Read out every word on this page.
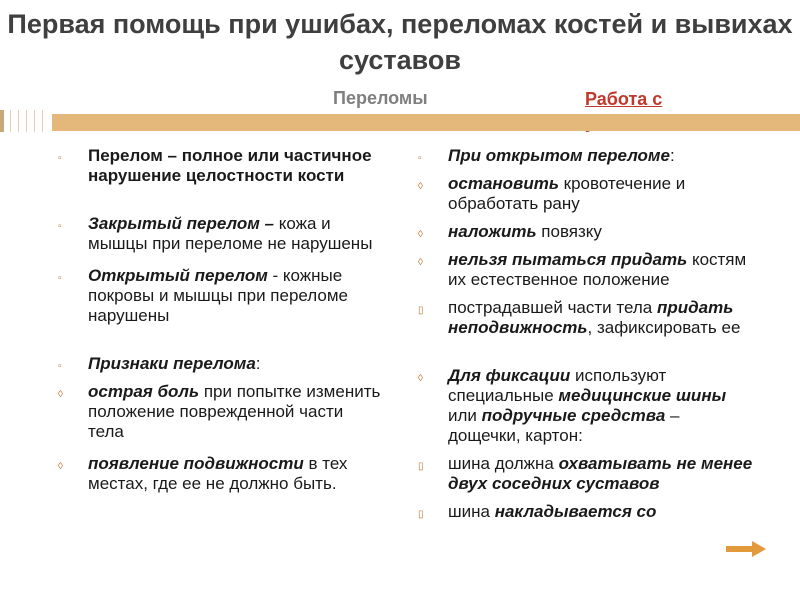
Первая помощь при ушибах, переломах костей и вывихах суставов
Переломы	Работа с
▫ Перелом – полное или частичное нарушение целостности кости
▫ Закрытый перелом – кожа и мышцы при переломе не нарушены
▫ Открытый перелом - кожные покровы и мышцы при переломе нарушены
▫ Признаки перелома:
◊ острая боль при попытке изменить положение поврежденной части тела
◊ появление подвижности в тех местах, где ее не должно быть.
▫ При открытом переломе:
◊ остановить кровотечение и обработать рану
◊ наложить повязку
◊ нельзя пытаться придать костям их естественное положение
▯ пострадавшей части тела придать неподвижность, зафиксировать ее
◊ Для фиксации используют специальные медицинские шины или подручные средства – дощечки, картон:
▯ шина должна охватывать не менее двух соседних суставов
▯ шина накладывается со
